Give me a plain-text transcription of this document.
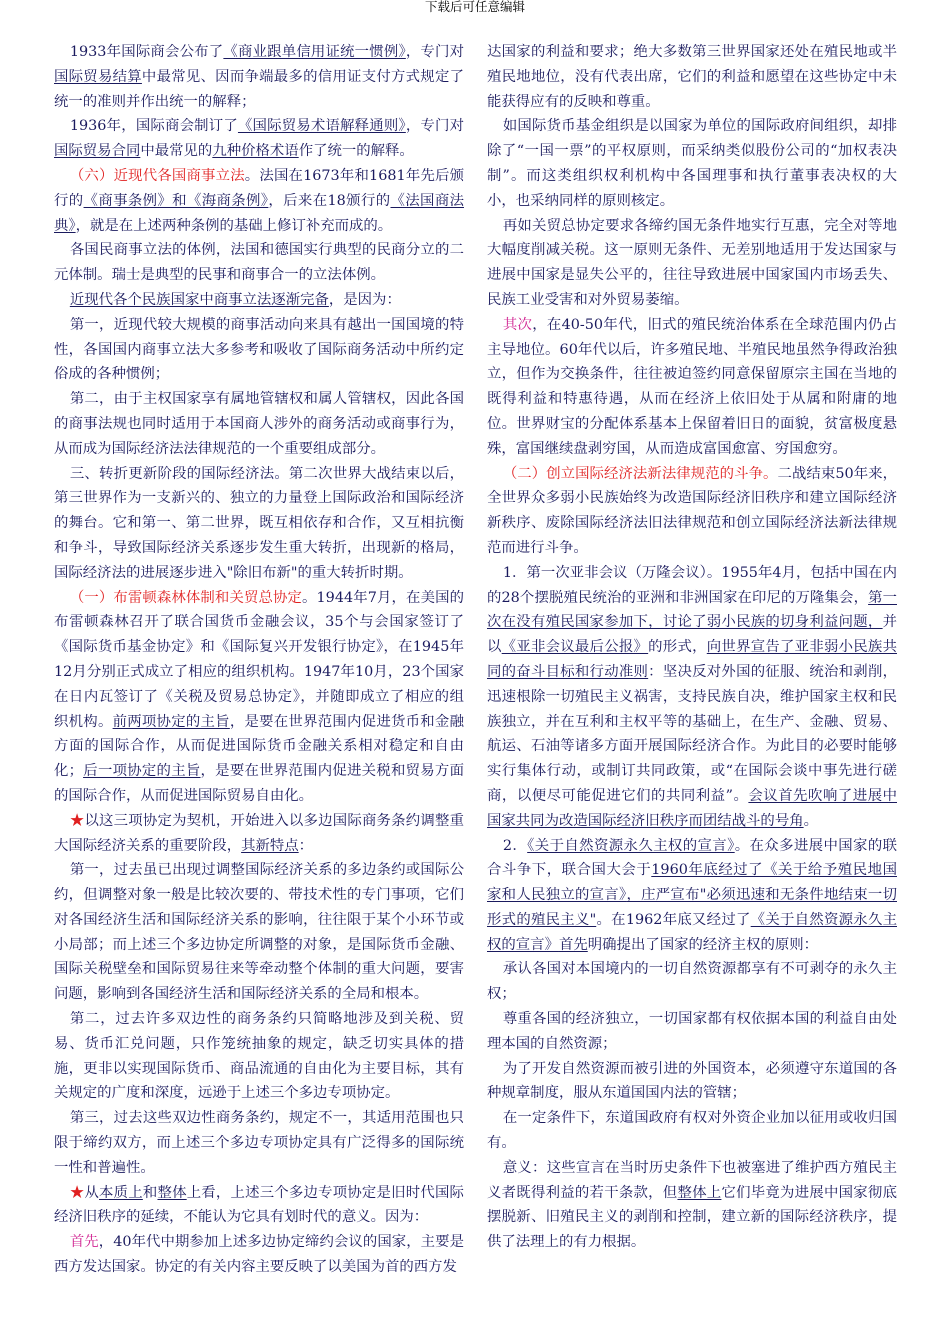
下载后可任意编辑

1933年国际商会公布了《商业跟单信用证统一惯例》，专门对国际贸易结算中最常见、因而争端最多的信用证支付方式规定了统一的准则并作出统一的解释；

1936年，国际商会制订了《国际贸易术语解释通则》，专门对国际贸易合同中最常见的九种价格术语作了统一的解释。

（六）近现代各国商事立法。法国在1673年和1681年先后颁行的《商事条例》和《海商条例》，后来在18颁行的《法国商法典》，就是在上述两种条例的基础上修订补充而成的。

各国民商事立法的体例，法国和德国实行典型的民商分立的二元体制。瑞士是典型的民事和商事合一的立法体例。

近现代各个民族国家中商事立法逐渐完备，是因为：

第一，近现代较大规模的商事活动向来具有越出一国国境的特性，各国国内商事立法大多参考和吸收了国际商务活动中所约定俗成的各种惯例；

第二，由于主权国家享有属地管辖权和属人管辖权，因此各国的商事法规也同时适用于本国商人涉外的商务活动或商事行为，从而成为国际经济法法律规范的一个重要组成部分。

三、转折更新阶段的国际经济法。第二次世界大战结束以后，第三世界作为一支新兴的、独立的力量登上国际政治和国际经济的舞台。它和第一、第二世界，既互相依存和合作，又互相抗衡和争斗，导致国际经济关系逐步发生重大转折，出现新的格局，国际经济法的进展逐步进入"除旧布新"的重大转折时期。

（一）布雷顿森林体制和关贸总协定。1944年7月，在美国的布雷顿森林召开了联合国货币金融会议，35个与会国家签订了《国际货币基金协定》和《国际复兴开发银行协定》，在1945年12月分别正式成立了相应的组织机构。1947年10月，23个国家在日内瓦签订了《关税及贸易总协定》，并随即成立了相应的组织机构。前两项协定的主旨，是要在世界范围内促进货币和金融方面的国际合作，从而促进国际货币金融关系相对稳定和自由化；后一项协定的主旨，是要在世界范围内促进关税和贸易方面的国际合作，从而促进国际贸易自由化。

★以这三项协定为契机，开始进入以多边国际商务条约调整重大国际经济关系的重要阶段，其新特点：

第一，过去虽已出现过调整国际经济关系的多边条约或国际公约，但调整对象一般是比较次要的、带技术性的专门事项，它们对各国经济生活和国际经济关系的影响，往往限于某个小环节或小局部；而上述三个多边协定所调整的对象，是国际货币金融、国际关税壁垒和国际贸易往来等牵动整个体制的重大问题，要害问题，影响到各国经济生活和国际经济关系的全局和根本。

第二，过去许多双边性的商务条约只简略地涉及到关税、贸易、货币汇兑问题，只作笼统抽象的规定，缺乏切实具体的措施，更非以实现国际货币、商品流通的自由化为主要目标，其有关规定的广度和深度，远逊于上述三个多边专项协定。

第三，过去这些双边性商务条约，规定不一，其适用范围也只限于缔约双方，而上述三个多边专项协定具有广泛得多的国际统一性和普遍性。

★从本质上和整体上看，上述三个多边专项协定是旧时代国际经济旧秩序的延续，不能认为它具有划时代的意义。因为：

首先，40年代中期参加上述多边协定缔约会议的国家，主要是西方发达国家。协定的有关内容主要反映了以美国为首的西方发

达国家的利益和要求；绝大多数第三世界国家还处在殖民地或半殖民地地位，没有代表出席，它们的利益和愿望在这些协定中未能获得应有的反映和尊重。

如国际货币基金组织是以国家为单位的国际政府间组织，却排除了“一国一票”的平权原则，而采纳类似股份公司的“加权表决制”。而这类组织权利机构中各国理事和执行董事表决权的大小，也采纳同样的原则核定。

再如关贸总协定要求各缔约国无条件地实行互惠，完全对等地大幅度削减关税。这一原则无条件、无差别地适用于发达国家与进展中国家是显失公平的，往往导致进展中国家国内市场丢失、民族工业受害和对外贸易萎缩。

其次，在40-50年代，旧式的殖民统治体系在全球范围内仍占主导地位。60年代以后，许多殖民地、半殖民地虽然争得政治独立，但作为交换条件，往往被迫签约同意保留原宗主国在当地的既得利益和特惠待遇，从而在经济上依旧处于从属和附庸的地位。世界财宝的分配体系基本上保留着旧日的面貌，贫富极度悬殊，富国继续盘剥穷国，从而造成富国愈富、穷国愈穷。

（二）创立国际经济法新法律规范的斗争。二战结束50年来，全世界众多弱小民族始终为改造国际经济旧秩序和建立国际经济新秩序、废除国际经济法旧法律规范和创立国际经济法新法律规范而进行斗争。

1．第一次亚非会议（万隆会议）。1955年4月，包括中国在内的28个摆脱殖民统治的亚洲和非洲国家在印尼的万隆集会，第一次在没有殖民国家参加下，讨论了弱小民族的切身利益问题，并以《亚非会议最后公报》的形式，向世界宣告了亚非弱小民族共同的奋斗目标和行动准则：坚决反对外国的征服、统治和剥削，迅速根除一切殖民主义祸害，支持民族自决，维护国家主权和民族独立，并在互利和主权平等的基础上，在生产、金融、贸易、航运、石油等诸多方面开展国际经济合作。为此目的必要时能够实行集体行动，或制订共同政策，或“在国际会谈中事先进行磋商，以便尽可能促进它们的共同利益”。会议首先吹响了进展中国家共同为改造国际经济旧秩序而团结战斗的号角。

2．《关于自然资源永久主权的宣言》。在众多进展中国家的联合斗争下，联合国大会于1960年底经过了《关于给予殖民地国家和人民独立的宣言》，庄严宣布"必须迅速和无条件地结束一切形式的殖民主义"。在1962年底又经过了《关于自然资源永久主权的宣言》首先明确提出了国家的经济主权的原则：

承认各国对本国境内的一切自然资源都享有不可剥夺的永久主权；

尊重各国的经济独立，一切国家都有权依据本国的利益自由处理本国的自然资源；

为了开发自然资源而被引进的外国资本，必须遵守东道国的各种规章制度，服从东道国国内法的管辖；

在一定条件下，东道国政府有权对外资企业加以征用或收归国有。

意义：这些宣言在当时历史条件下也被塞进了维护西方殖民主义者既得利益的若干条款，但整体上它们毕竟为进展中国家彻底摆脱新、旧殖民主义的剥削和控制，建立新的国际经济秩序，提供了法理上的有力根据。
